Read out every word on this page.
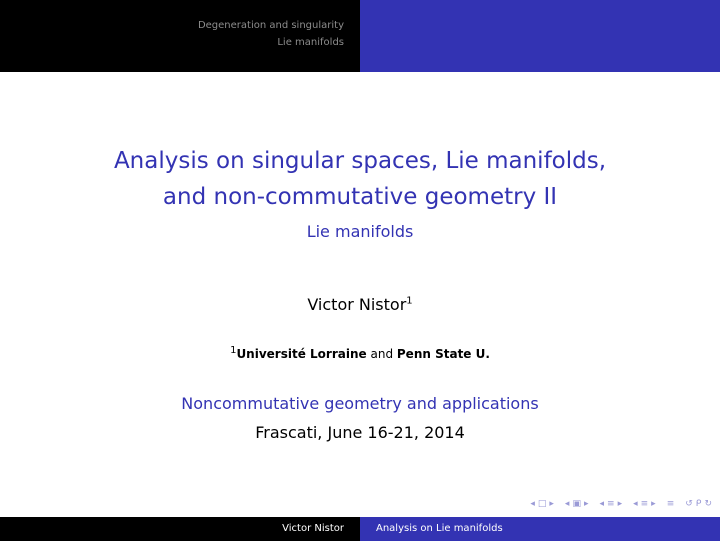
Degeneration and singularity
Lie manifolds
Analysis on singular spaces, Lie manifolds,
and non-commutative geometry II
Lie manifolds
Victor Nistor$^1$
$^1$Université Lorraine and Penn State U.
Noncommutative geometry and applications
Frascati, June 16-21, 2014
◂ □ ▸ ◂ ▣ ▸ ◂ ≡ ▸ ◂ ≡ ▸ ≡ ↺ ᑭ ↻
Victor Nistor	Analysis on Lie manifolds
